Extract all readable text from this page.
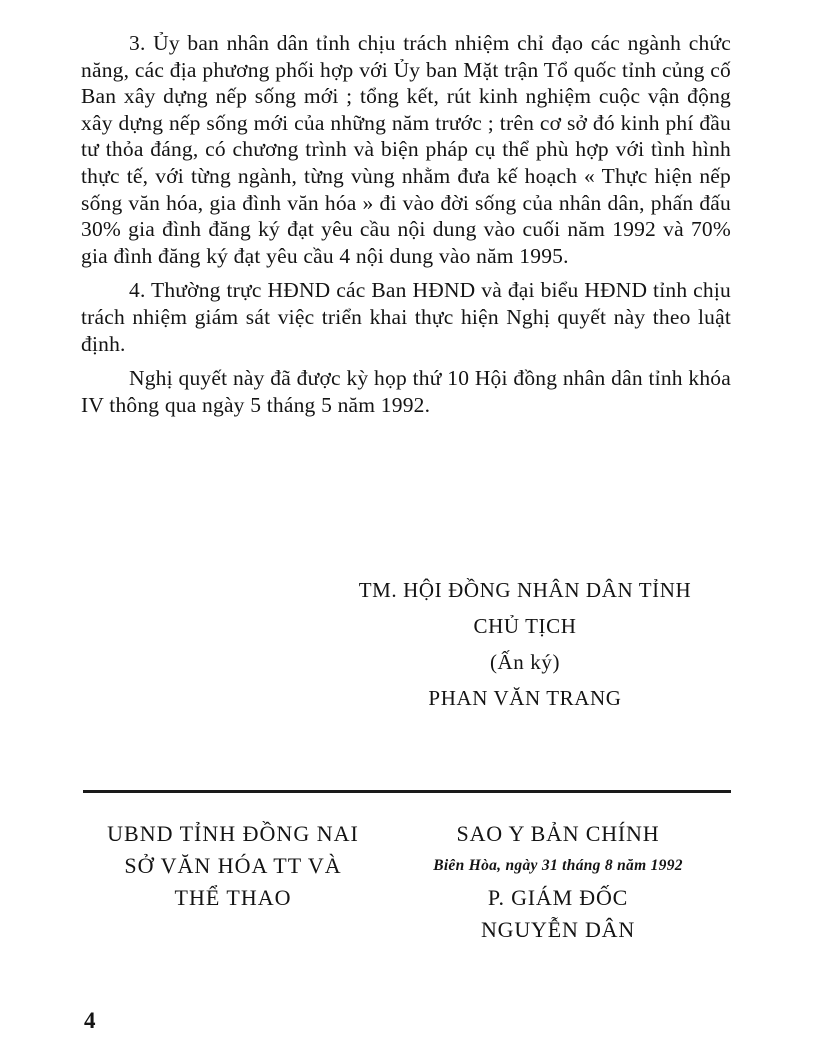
3. Ủy ban nhân dân tỉnh chịu trách nhiệm chỉ đạo các ngành chức năng, các địa phương phối hợp với Ủy ban Mặt trận Tổ quốc tỉnh củng cố Ban xây dựng nếp sống mới ; tổng kết, rút kinh nghiệm cuộc vận động xây dựng nếp sống mới của những năm trước ; trên cơ sở đó kinh phí đầu tư thỏa đáng, có chương trình và biện pháp cụ thể phù hợp với tình hình thực tế, với từng ngành, từng vùng nhằm đưa kế hoạch « Thực hiện nếp sống văn hóa, gia đình văn hóa » đi vào đời sống của nhân dân, phấn đấu 30% gia đình đăng ký đạt yêu cầu nội dung vào cuối năm 1992 và 70% gia đình đăng ký đạt yêu cầu 4 nội dung vào năm 1995.

4. Thường trực HĐND các Ban HĐND và đại biểu HĐND tỉnh chịu trách nhiệm giám sát việc triển khai thực hiện Nghị quyết này theo luật định.

Nghị quyết này đã được kỳ họp thứ 10 Hội đồng nhân dân tỉnh khóa IV thông qua ngày 5 tháng 5 năm 1992.

TM. HỘI ĐỒNG NHÂN DÂN TỈNH
CHỦ TỊCH
(Ấn ký)
PHAN VĂN TRANG
UBND TỈNH ĐỒNG NAI
SỞ VĂN HÓA TT VÀ
THỂ THAO
SAO Y BẢN CHÍNH
Biên Hòa, ngày 31 tháng 8 năm 1992
P. GIÁM ĐỐC
NGUYỄN DÂN
4
